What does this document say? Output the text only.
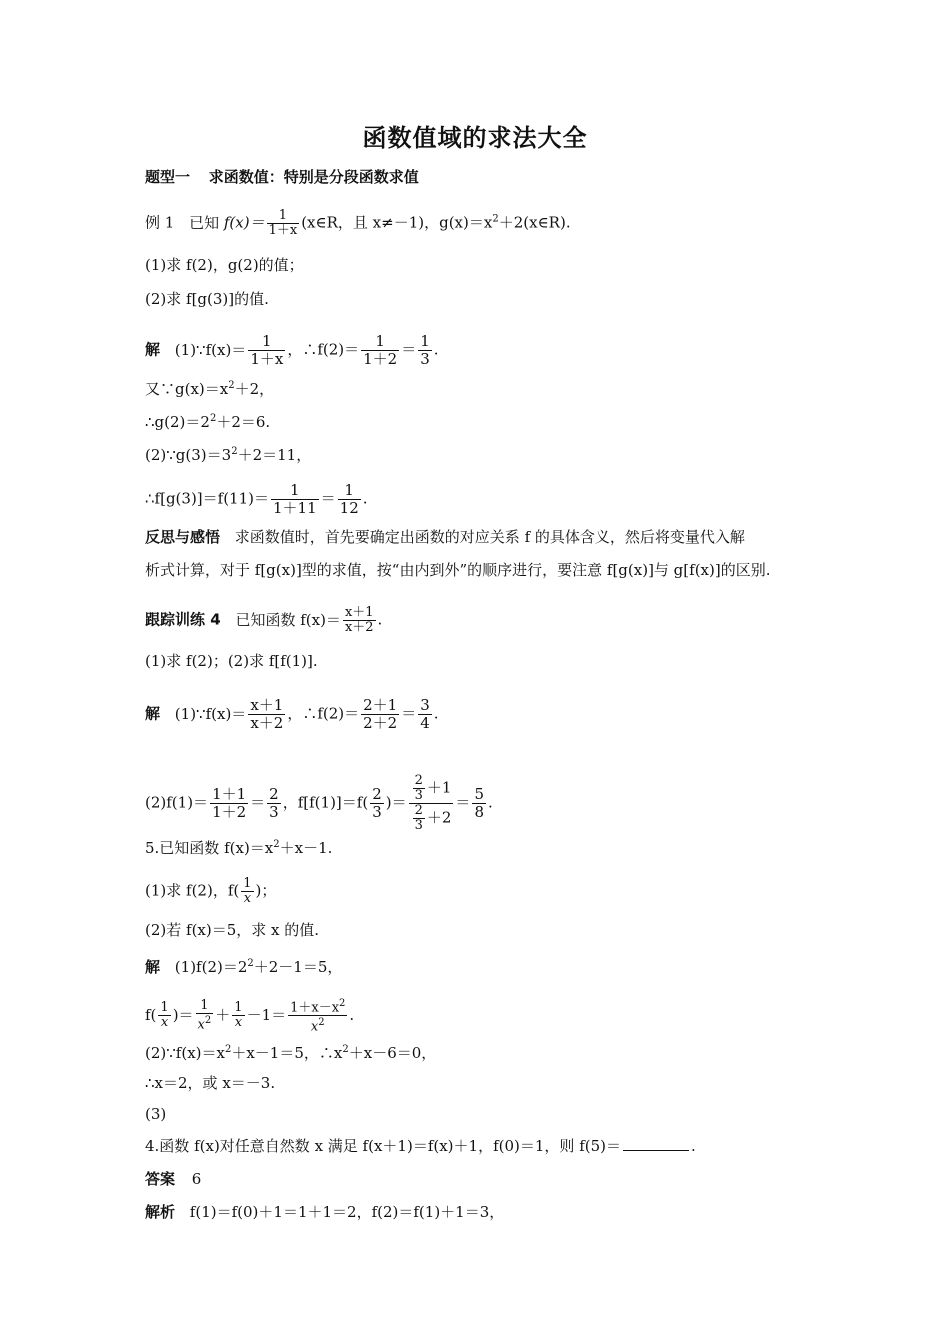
函数值域的求法大全
题型一 求函数值：特别是分段函数求值
例 1 已知 $f(x)= \frac{1}{1+x}$ (x∈R，且 x≠－1)，$g(x)=x^2+2(x\in R)$.
(1)求 f(2)，g(2)的值；
(2)求 f[g(3)]的值.
解 (1)∵f(x)＝ $\frac{1}{1+x}$ ，∴f(2)＝ $\frac{1}{1+2} = \frac{1}{3}$ .
又$\because g(x)=x^2+2$，
$\therefore g(2)=2^2+2=6$.
$(2)\because g(3)=3^2+2=11$，
∴f[g(3)]＝f(11)＝ $\frac{1}{1+11} = \frac{1}{12}$ .
反思与感悟 求函数值时，首先要确定出函数的对应关系 f 的具体含义，然后将变量代入解
析式计算，对于 f[g(x)]型的求值，按“由内到外”的顺序进行，要注意 f[g(x)]与 g[f(x)]的区别.
跟踪训练 4 已知函数 $f(x)= \frac{x+1}{x+2}$ .
(1)求 f(2)；(2)求 f[f(1)].
解 (1)∵f(x)＝ $\frac{x+1}{x+2}$ ，∴f(2)＝ $\frac{2+1}{2+2} = \frac{3}{4}$ .
$(2)f(1)= \frac{1+1}{1+2} = \frac{2}{3}$ ，$f[f(1)]=f( \frac{2}{3}$ )＝ $\frac{\frac{2}{3} +1}{\frac{2}{3} +2} = \frac{5}{8}$ .
5.已知函数 $f(x)=x^2+x-1$.
(1)求 f(2)，$f( \frac{1}{x}$ )；
(2)若 f(x)＝5，求 x 的值.
解 $(1)f(2)=2^2+2-1=5$，
$f( \frac{1}{x}$ )＝ $\frac{1}{x^2} + \frac{1}{x} -1= \frac{1+x-x^2}{x^2}$ .
$(2)\because f(x)=x^2+x-1=5$，$\therefore x^2+x-6=0$，
∴x＝2，或 x＝－3.
(3)
4.函数 f(x)对任意自然数 x 满足 f(x＋1)＝f(x)＋1，f(0)＝1，则 f(5)＝	.
答案 6
解析 f(1)＝f(0)＋1＝1＋1＝2，f(2)＝f(1)＋1＝3，
